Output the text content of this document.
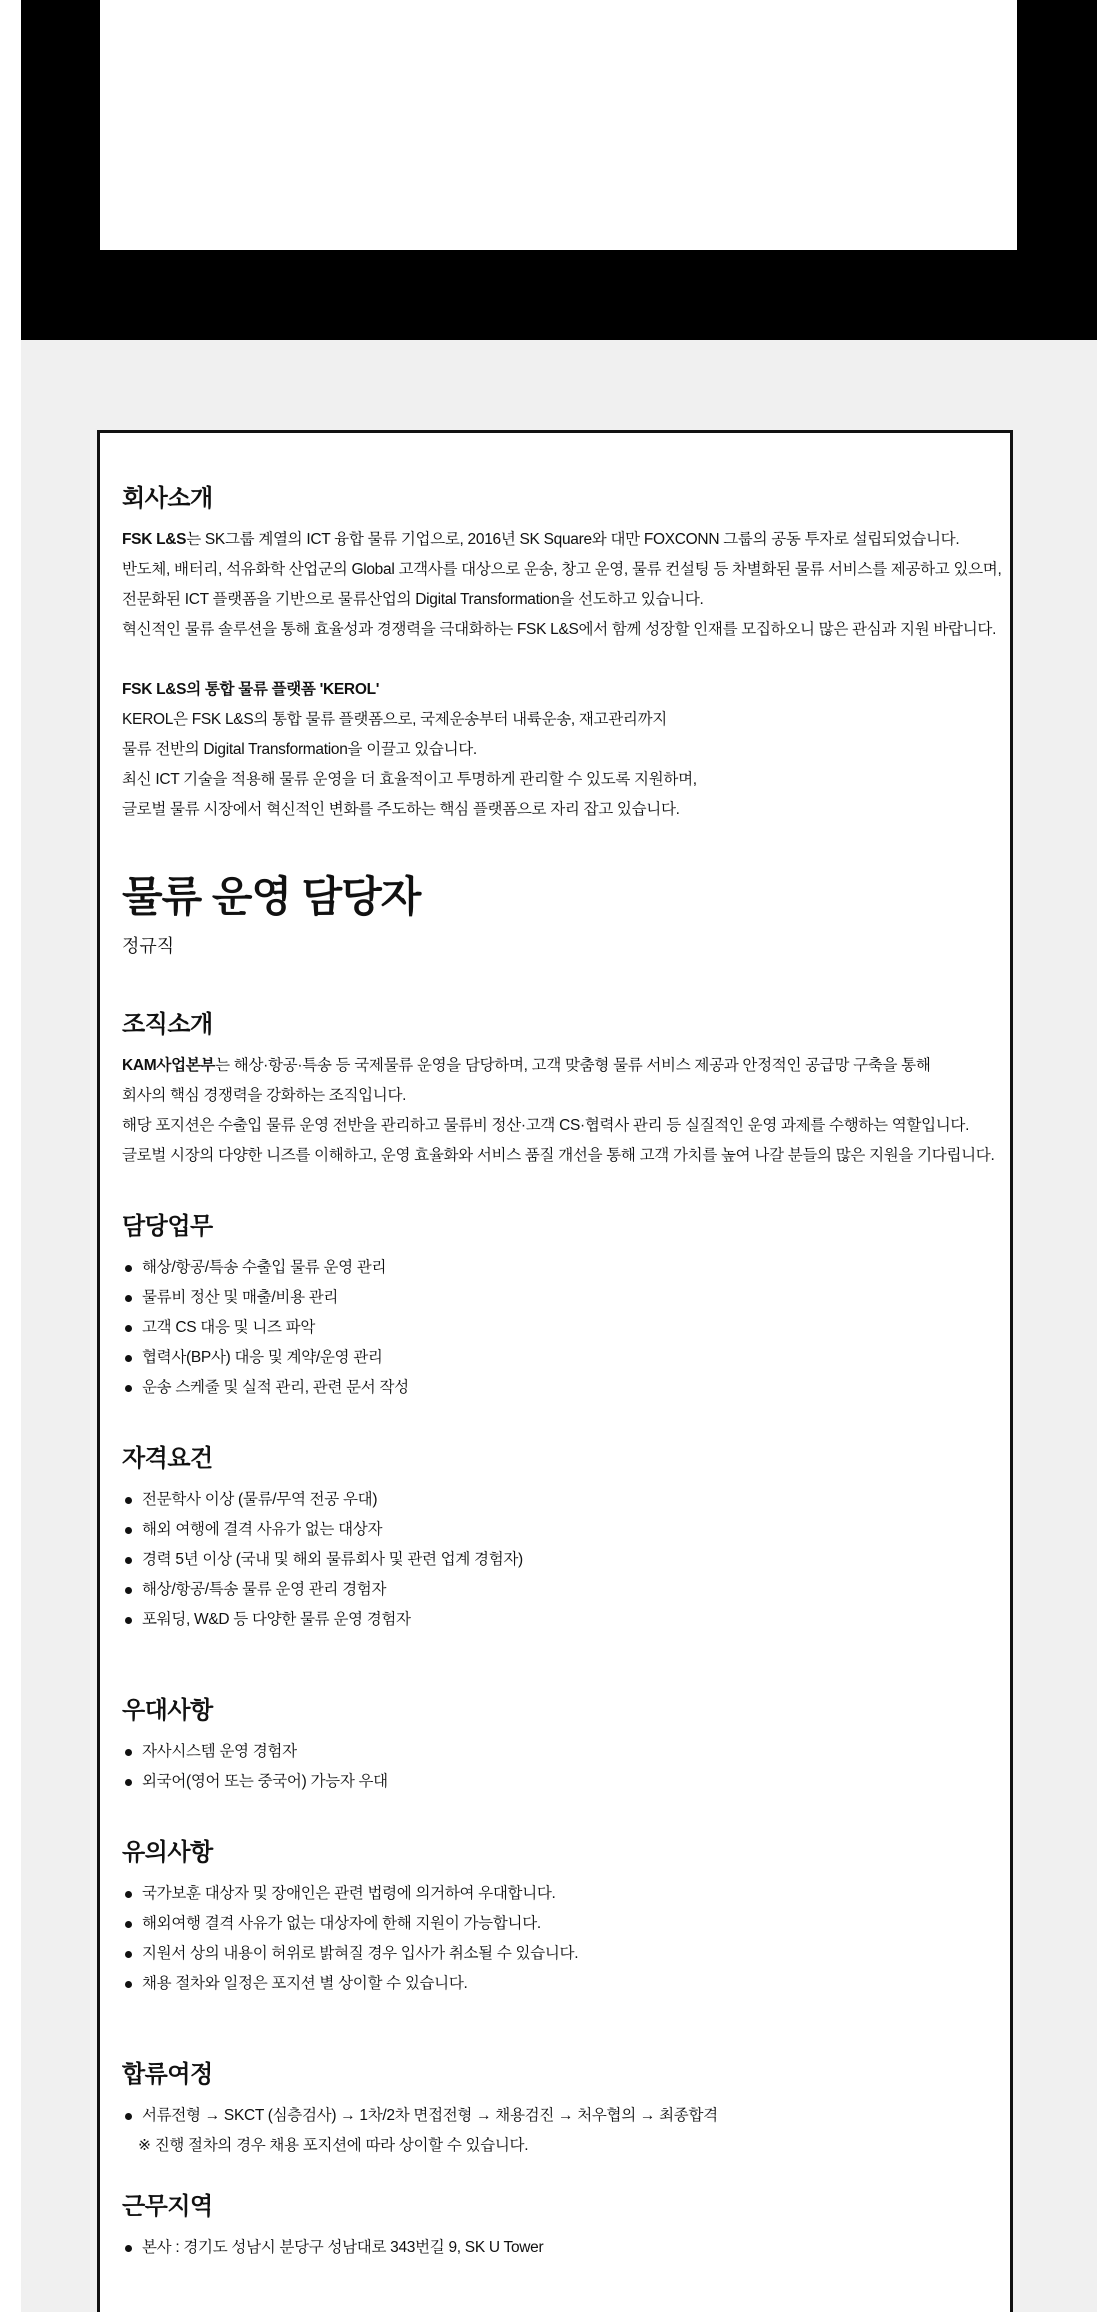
회사소개

FSK L&S는 SK그룹 계열의 ICT 융합 물류 기업으로, 2016년 SK Square와 대만 FOXCONN 그룹의 공동 투자로 설립되었습니다.

반도체, 배터리, 석유화학 산업군의 Global 고객사를 대상으로 운송, 창고 운영, 물류 컨설팅 등 차별화된 물류 서비스를 제공하고 있으며,

전문화된 ICT 플랫폼을 기반으로 물류산업의 Digital Transformation을 선도하고 있습니다.

혁신적인 물류 솔루션을 통해 효율성과 경쟁력을 극대화하는 FSK L&S에서 함께 성장할 인재를 모집하오니 많은 관심과 지원 바랍니다.

FSK L&S의 통합 물류 플랫폼 'KEROL'

KEROL은 FSK L&S의 통합 물류 플랫폼으로, 국제운송부터 내륙운송, 재고관리까지

물류 전반의 Digital Transformation을 이끌고 있습니다.

최신 ICT 기술을 적용해 물류 운영을 더 효율적이고 투명하게 관리할 수 있도록 지원하며,

글로벌 물류 시장에서 혁신적인 변화를 주도하는 핵심 플랫폼으로 자리 잡고 있습니다.

물류 운영 담당자

정규직

조직소개

KAM사업본부는 해상·항공·특송 등 국제물류 운영을 담당하며, 고객 맞춤형 물류 서비스 제공과 안정적인 공급망 구축을 통해

회사의 핵심 경쟁력을 강화하는 조직입니다.

해당 포지션은 수출입 물류 운영 전반을 관리하고 물류비 정산·고객 CS·협력사 관리 등 실질적인 운영 과제를 수행하는 역할입니다.

글로벌 시장의 다양한 니즈를 이해하고, 운영 효율화와 서비스 품질 개선을 통해 고객 가치를 높여 나갈 분들의 많은 지원을 기다립니다.

담당업무
해상/항공/특송 수출입 물류 운영 관리
물류비 정산 및 매출/비용 관리
고객 CS 대응 및 니즈 파악
협력사(BP사) 대응 및 계약/운영 관리
운송 스케줄 및 실적 관리, 관련 문서 작성
자격요건
전문학사 이상 (물류/무역 전공 우대)
해외 여행에 결격 사유가 없는 대상자
경력 5년 이상 (국내 및 해외 물류회사 및 관련 업계 경험자)
해상/항공/특송 물류 운영 관리 경험자
포워딩, W&D 등 다양한 물류 운영 경험자
우대사항
자사시스템 운영 경험자
외국어(영어 또는 중국어) 가능자 우대
유의사항
국가보훈 대상자 및 장애인은 관련 법령에 의거하여 우대합니다.
해외여행 결격 사유가 없는 대상자에 한해 지원이 가능합니다.
지원서 상의 내용이 허위로 밝혀질 경우 입사가 취소될 수 있습니다.
채용 절차와 일정은 포지션 별 상이할 수 있습니다.
합류여정
서류전형 → SKCT (심층검사) → 1차/2차 면접전형 → 채용검진 → 처우협의 → 최종합격

※ 진행 절차의 경우 채용 포지션에 따라 상이할 수 있습니다.

근무지역
본사 : 경기도 성남시 분당구 성남대로 343번길 9, SK U Tower
